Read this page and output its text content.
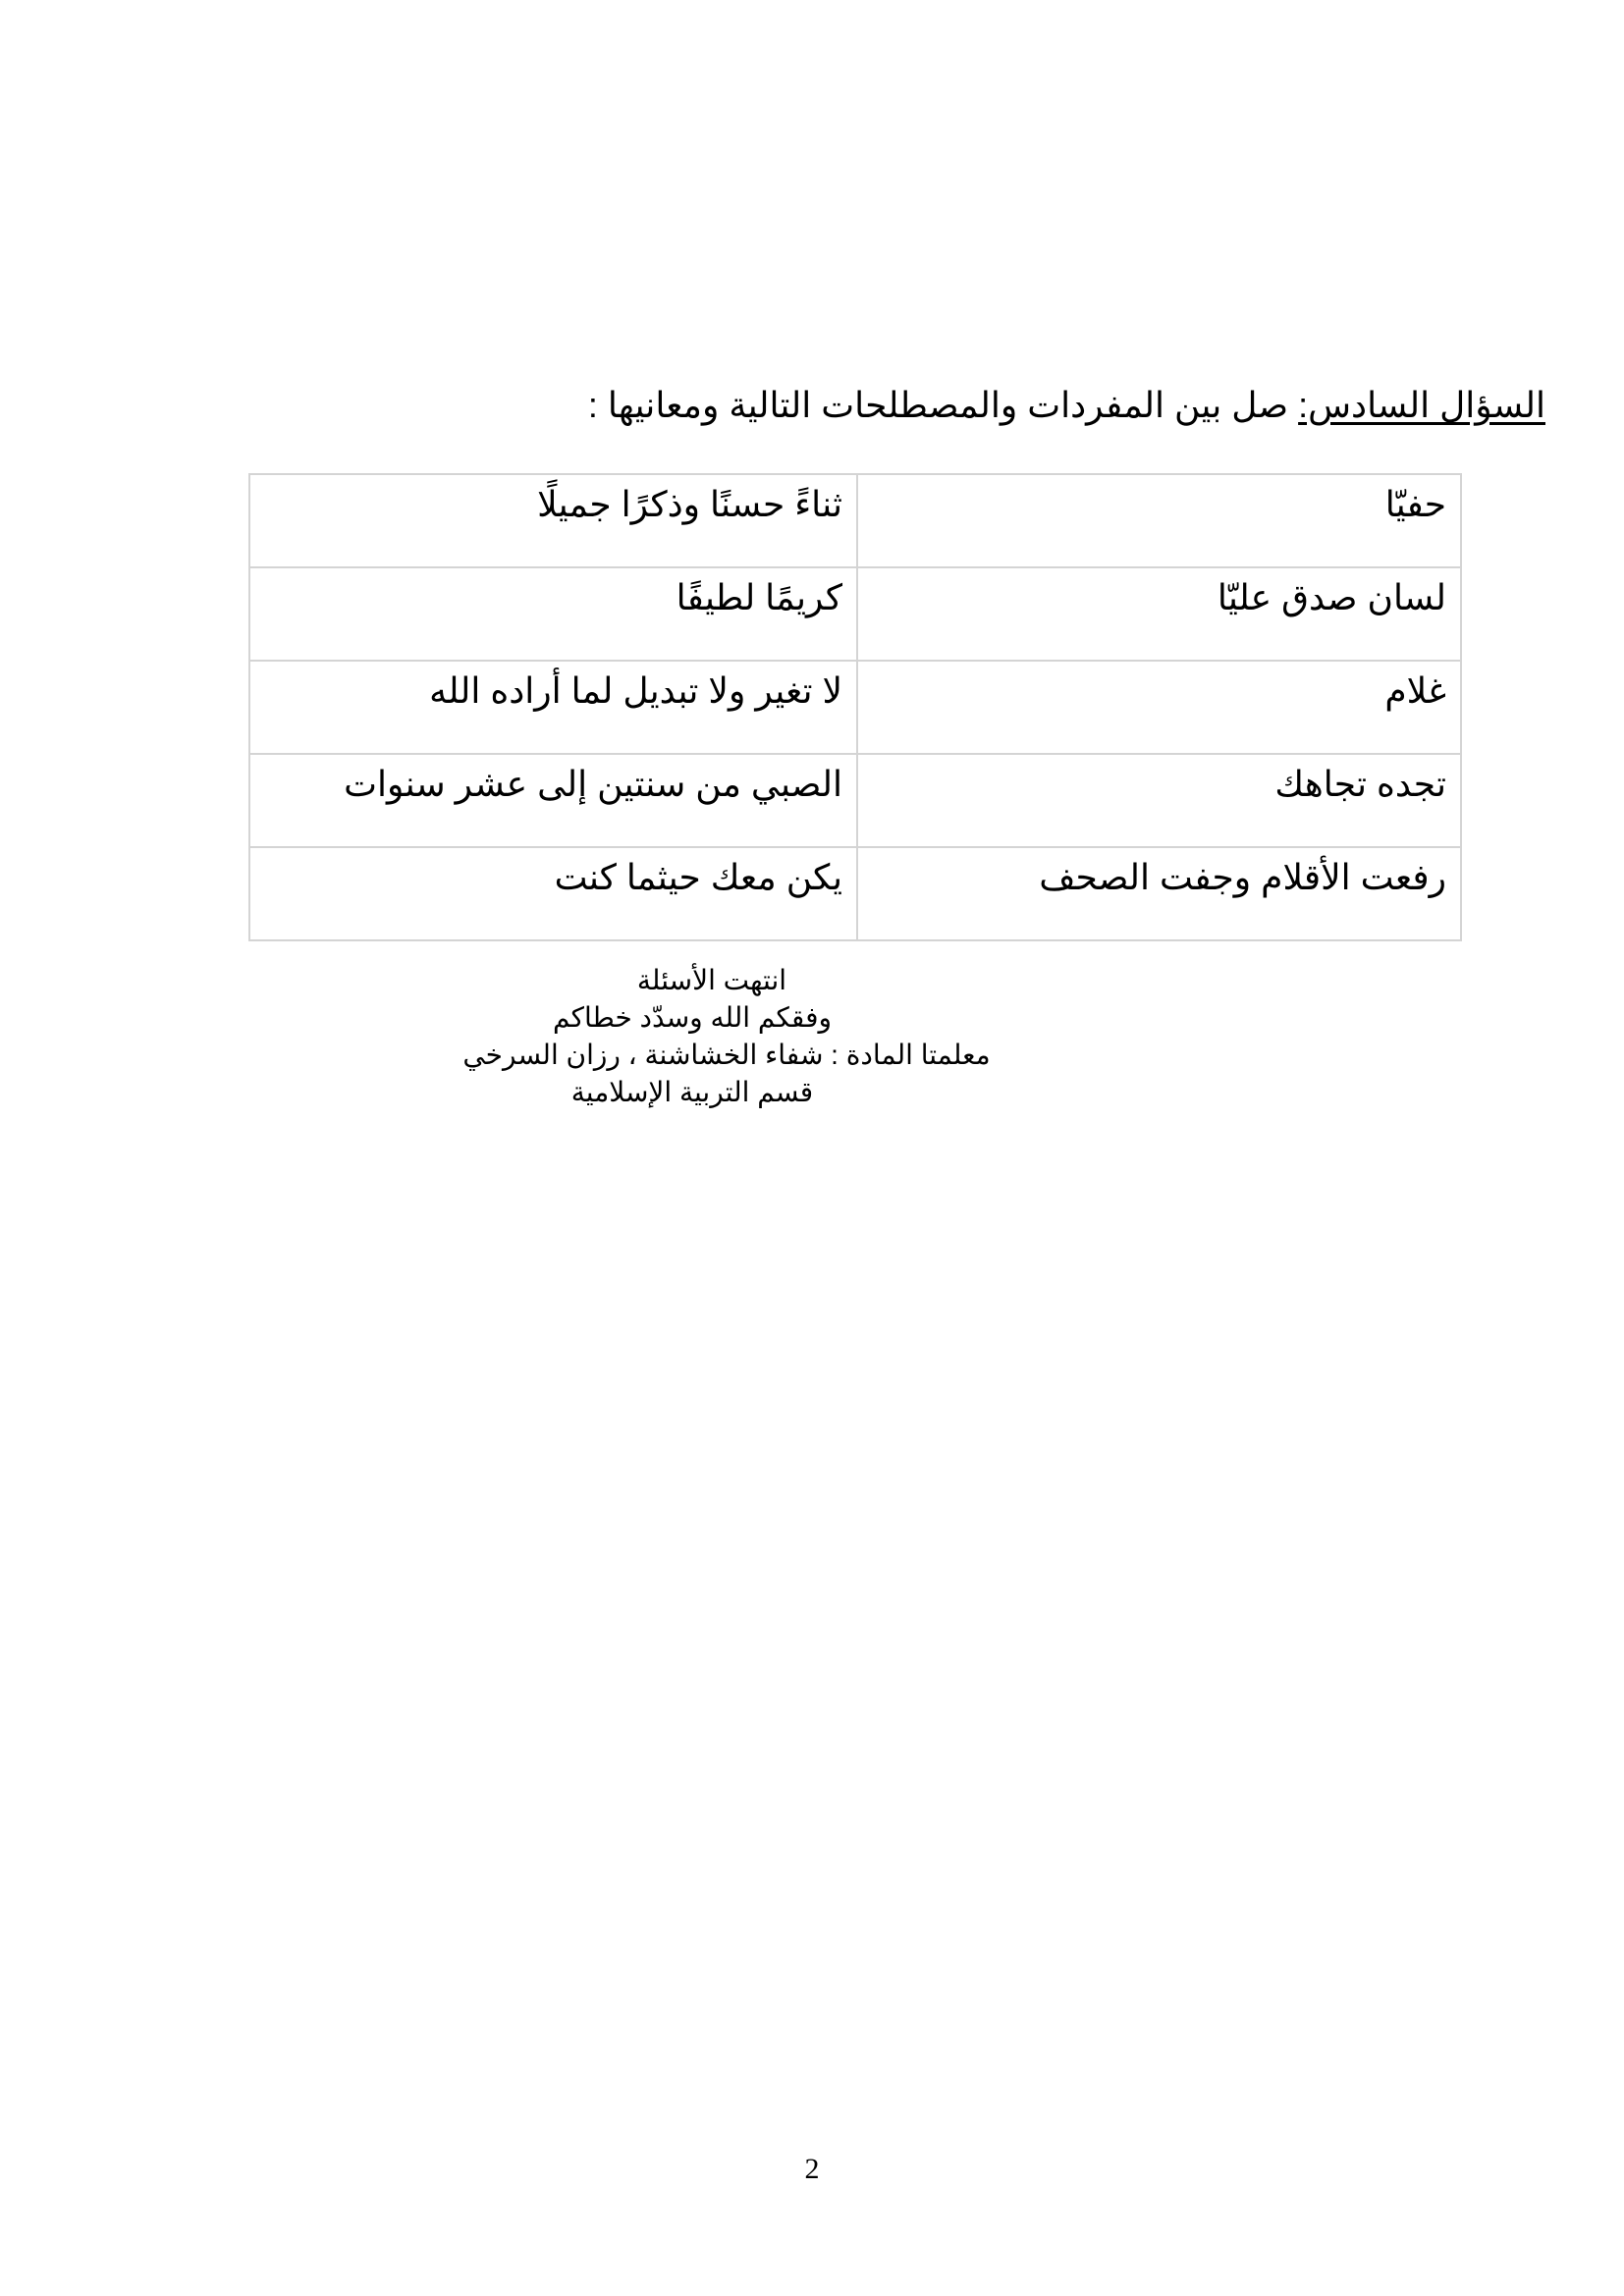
السؤال السادس: صل بين المفردات والمصطلحات التالية ومعانيها :
حفيّا	ثناءً حسنًا وذكرًا جميلًا
لسان صدق عليّا	كريمًا لطيفًا
غلام	لا تغير ولا تبديل لما أراده الله
تجده تجاهك	الصبي من سنتين إلى عشر سنوات
رفعت الأقلام وجفت الصحف	يكن معك حيثما كنت
انتهت الأسئلة
وفقكم الله وسدّد خطاكم
معلمتا المادة : شفاء الخشاشنة ، رزان السرخي
قسم التربية الإسلامية
2
